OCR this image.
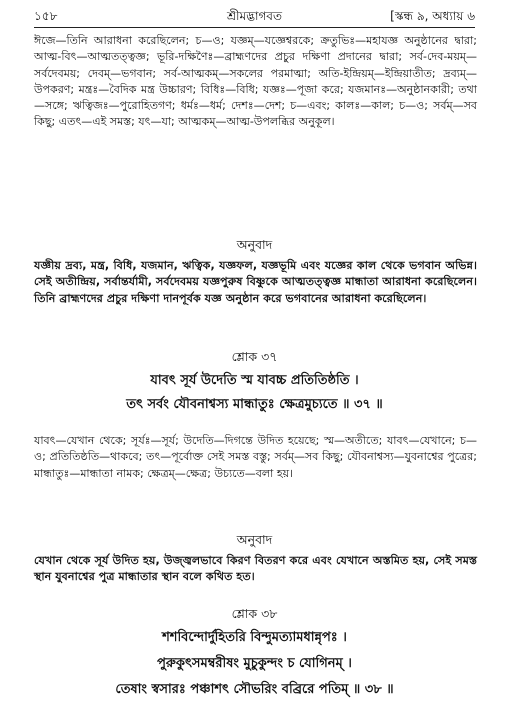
১৫৮	শ্রীমদ্ভাগবত	[স্কন্ধ ৯, অধ্যায় ৬

ঈজে—তিনি আরাধনা করেছিলেন; চ—ও; যজ্ঞম্—যজ্ঞেশ্বরকে; ক্রতুভিঃ—মহাযজ্ঞ অনুষ্ঠানের দ্বারা; আত্ম-বিৎ—আত্মতত্ত্বজ্ঞ; ভূরি-দক্ষিণৈঃ—ব্রাহ্মণদের প্রচুর দক্ষিণা প্রদানের দ্বারা; সর্ব-দেব-ময়ম্—সর্বদেবময়; দেবম্—ভগবান; সর্ব-আত্মকম্—সকলের পরমাত্মা; অতি-ইন্দ্রিয়ম্—ইন্দ্রিয়াতীত; দ্রব্যম্—উপকরণ; মন্ত্রঃ—বৈদিক মন্ত্র উচ্চারণ; বিধিঃ—বিধি; যজ্ঞঃ—পূজা করে; যজমানঃ—অনুষ্ঠানকারী; তথা—সঙ্গে; ঋত্বিজঃ—পুরোহিতগণ; ধর্মঃ—ধর্ম; দেশঃ—দেশ; চ—এবং; কালঃ—কাল; চ—ও; সর্বম্—সব কিছু; এতৎ—এই সমস্ত; যৎ—যা; আত্মকম্—আত্ম-উপলব্ধির অনুকূল।

অনুবাদ

যজ্ঞীয় দ্রব্য, মন্ত্র, বিধি, যজমান, ঋত্বিক, যজ্ঞফল, যজ্ঞভূমি এবং যজ্ঞের কাল থেকে ভগবান অভিন্ন। সেই অতীন্দ্রিয়, সর্বান্তর্যামী, সর্বদেবময় যজ্ঞপুরুষ বিষ্ণুকে আত্মতত্ত্বজ্ঞ মান্ধাতা আরাধনা করেছিলেন। তিনি ব্রাহ্মণদের প্রচুর দক্ষিণা দানপূর্বক যজ্ঞ অনুষ্ঠান করে ভগবানের আরাধনা করেছিলেন।

শ্লোক ৩৭

যাবৎ সূর্য উদেতি স্ম যাবচ্চ প্রতিতিষ্ঠতি ।

তৎ সর্বং যৌবনাশ্বস্য মান্ধাতুঃ ক্ষেত্রমুচ্যতে ॥ ৩৭ ॥

যাবৎ—যেখান থেকে; সূর্যঃ—সূর্য; উদেতি—দিগন্তে উদিত হয়েছে; স্ম—অতীতে; যাবৎ—যেখানে; চ—ও; প্রতিতিষ্ঠতি—থাকবে; তৎ—পূর্বোক্ত সেই সমস্ত বস্তু; সর্বম্—সব কিছু; যৌবনাশ্বস্য—যুবনাশ্বের পুত্রের; মান্ধাতুঃ—মান্ধাতা নামক; ক্ষেত্রম্—ক্ষেত্র; উচ্যতে—বলা হয়।

অনুবাদ

যেখান থেকে সূর্য উদিত হয়, উজ্জ্বলভাবে কিরণ বিতরণ করে এবং যেখানে অস্তমিত হয়, সেই সমস্ত স্থান যুবনাশ্বের পুত্র মান্ধাতার স্থান বলে কথিত হত।

শ্লোক ৩৮

শশবিন্দোর্দুহিতরি বিন্দুমত্যামধান্নৃপঃ ।

পুরুকুৎসমম্বরীষং মুচুকুন্দং চ যোগিনম্ ।

তেষাং স্বসারঃ পঞ্চাশৎ সৌভরিং বব্রিরে পতিম্ ॥ ৩৮ ॥
